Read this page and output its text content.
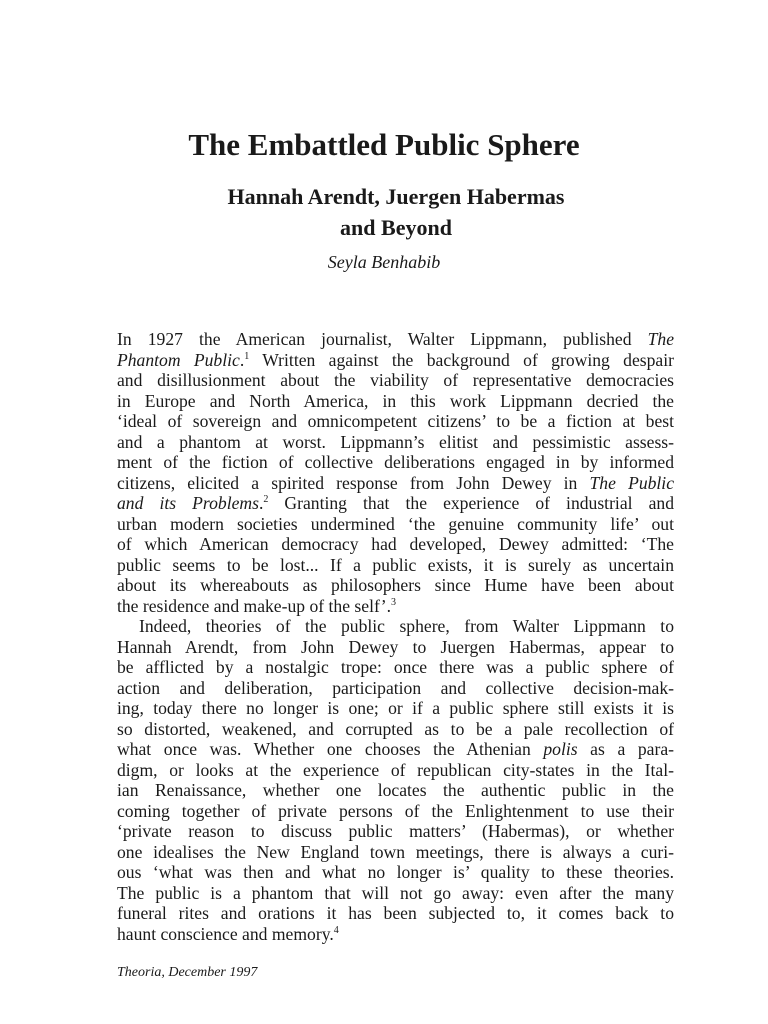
The Embattled Public Sphere
Hannah Arendt, Juergen Habermas
and Beyond

Seyla Benhabib

In 1927 the American journalist, Walter Lippmann, published The
Phantom Public.$^1$ Written against the background of growing despair
and disillusionment about the viability of representative democracies
in Europe and North America, in this work Lippmann decried the
‘ideal of sovereign and omnicompetent citizens’ to be a fiction at best
and a phantom at worst. Lippmann’s elitist and pessimistic assess-
ment of the fiction of collective deliberations engaged in by informed
citizens, elicited a spirited response from John Dewey in The Public
and its Problems.$^2$ Granting that the experience of industrial and
urban modern societies undermined ‘the genuine community life’ out
of which American democracy had developed, Dewey admitted: ‘The
public seems to be lost... If a public exists, it is surely as uncertain
about its whereabouts as philosophers since Hume have been about
the residence and make-up of the self’.$^3$
Indeed, theories of the public sphere, from Walter Lippmann to
Hannah Arendt, from John Dewey to Juergen Habermas, appear to
be afflicted by a nostalgic trope: once there was a public sphere of
action and deliberation, participation and collective decision-mak-
ing, today there no longer is one; or if a public sphere still exists it is
so distorted, weakened, and corrupted as to be a pale recollection of
what once was. Whether one chooses the Athenian polis as a para-
digm, or looks at the experience of republican city-states in the Ital-
ian Renaissance, whether one locates the authentic public in the
coming together of private persons of the Enlightenment to use their
‘private reason to discuss public matters’ (Habermas), or whether
one idealises the New England town meetings, there is always a curi-
ous ‘what was then and what no longer is’ quality to these theories.
The public is a phantom that will not go away: even after the many
funeral rites and orations it has been subjected to, it comes back to
haunt conscience and memory.$^4$

Theoria, December 1997
